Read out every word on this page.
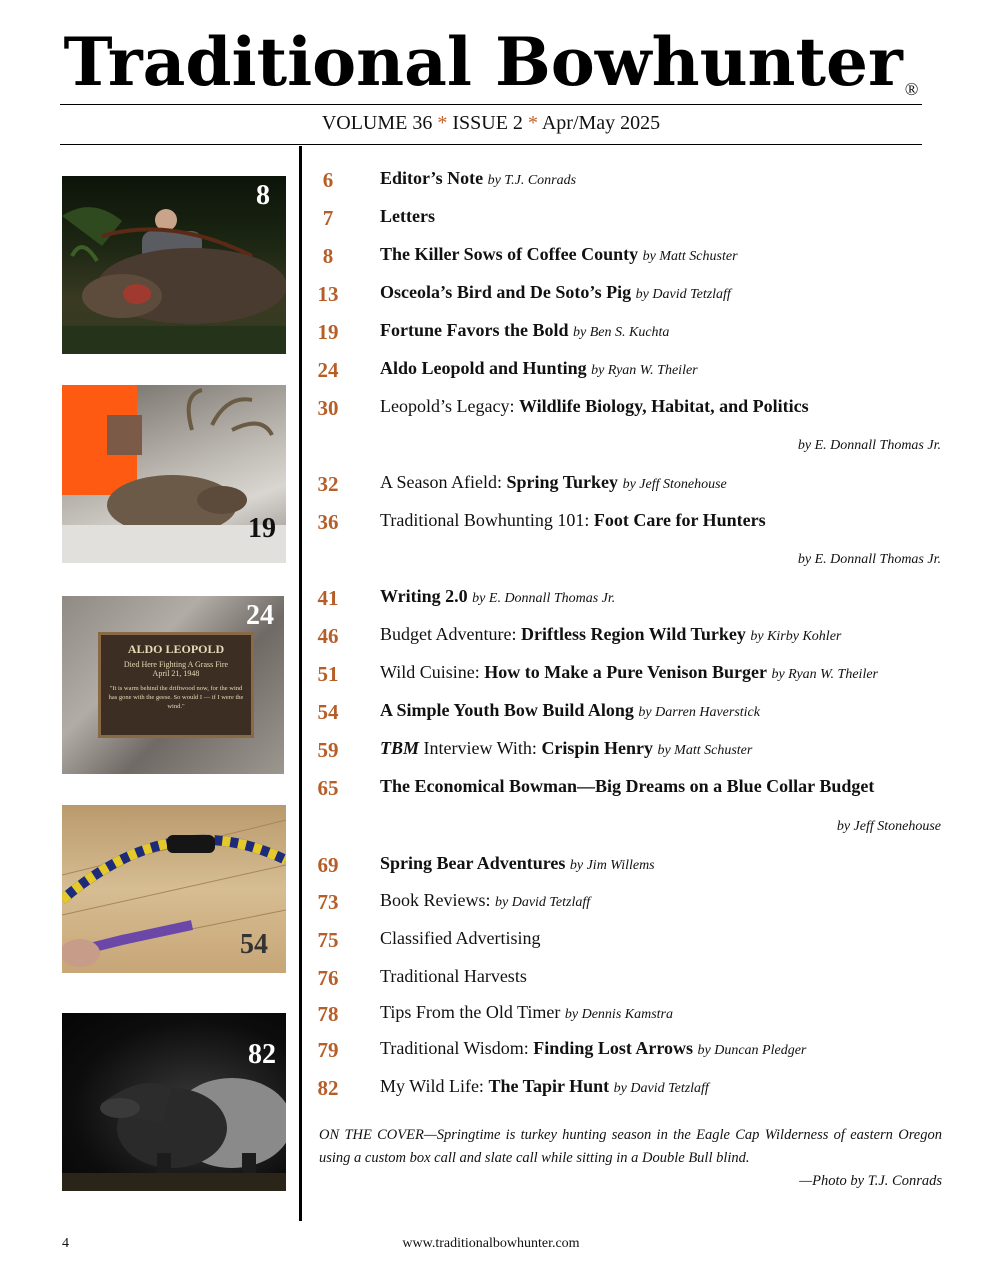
Traditional Bowhunter ®
VOLUME 36 * ISSUE 2 * Apr/May 2025
8
19
ALDO LEOPOLD
Died Here Fighting A Grass Fire
April 21, 1948
"It is warm behind the driftwood now, for the wind has gone with the geese. So would I — if I were the wind."
24
54
82
6	Editor’s Note by T.J. Conrads
7	Letters
8	The Killer Sows of Coffee County by Matt Schuster
13	Osceola’s Bird and De Soto’s Pig by David Tetzlaff
19	Fortune Favors the Bold by Ben S. Kuchta
24	Aldo Leopold and Hunting by Ryan W. Theiler
30	Leopold’s Legacy: Wildlife Biology, Habitat, and Politics
by E. Donnall Thomas Jr.
32	A Season Afield: Spring Turkey by Jeff Stonehouse
36	Traditional Bowhunting 101: Foot Care for Hunters
by E. Donnall Thomas Jr.
41	Writing 2.0 by E. Donnall Thomas Jr.
46	Budget Adventure: Driftless Region Wild Turkey by Kirby Kohler
51	Wild Cuisine: How to Make a Pure Venison Burger by Ryan W. Theiler
54	A Simple Youth Bow Build Along by Darren Haverstick
59	TBM Interview With: Crispin Henry by Matt Schuster
65	The Economical Bowman—Big Dreams on a Blue Collar Budget
by Jeff Stonehouse
69	Spring Bear Adventures by Jim Willems
73	Book Reviews: by David Tetzlaff
75	Classified Advertising
76	Traditional Harvests
78	Tips From the Old Timer by Dennis Kamstra
79	Traditional Wisdom: Finding Lost Arrows by Duncan Pledger
82	My Wild Life: The Tapir Hunt by David Tetzlaff
ON THE COVER—Springtime is turkey hunting season in the Eagle Cap Wilderness of eastern Oregon using a custom box call and slate call while sitting in a Double Bull blind.
—Photo by T.J. Conrads
4	www.traditionalbowhunter.com
